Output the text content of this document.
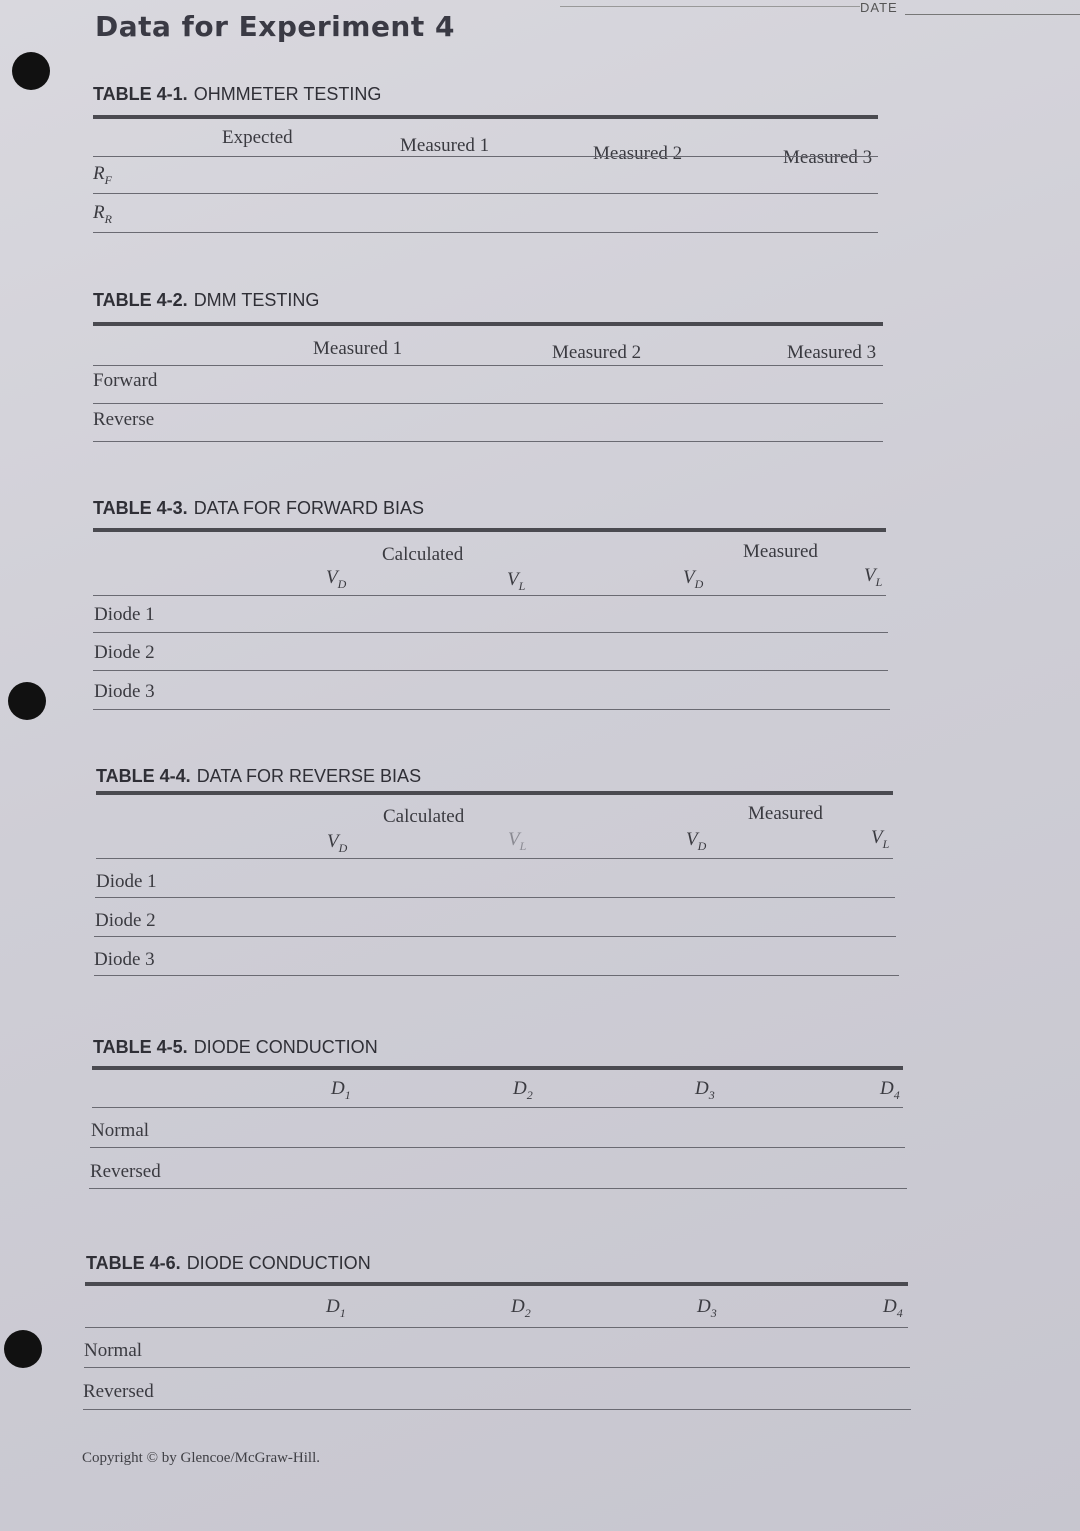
DATE
Data for Experiment 4
TABLE 4-1. OHMMETER TESTING
Expected	Measured 1	Measured 2	Measured 3
$R_F$
$R_R$
TABLE 4-2. DMM TESTING
Measured 1	Measured 2	Measured 3
Forward
Reverse
TABLE 4-3. DATA FOR FORWARD BIAS
Calculated	Measured
$V_D$	$V_L$	$V_D$	$V_L$
Diode 1
Diode 2
Diode 3
TABLE 4-4. DATA FOR REVERSE BIAS
Calculated	Measured
$V_D$	$V_L$	$V_D$	$V_L$
Diode 1
Diode 2
Diode 3
TABLE 4-5. DIODE CONDUCTION
$D_1$	$D_2$	$D_3$	$D_4$
Normal
Reversed
TABLE 4-6. DIODE CONDUCTION
$D_1$	$D_2$	$D_3$	$D_4$
Normal
Reversed
Copyright © by Glencoe/McGraw-Hill.
